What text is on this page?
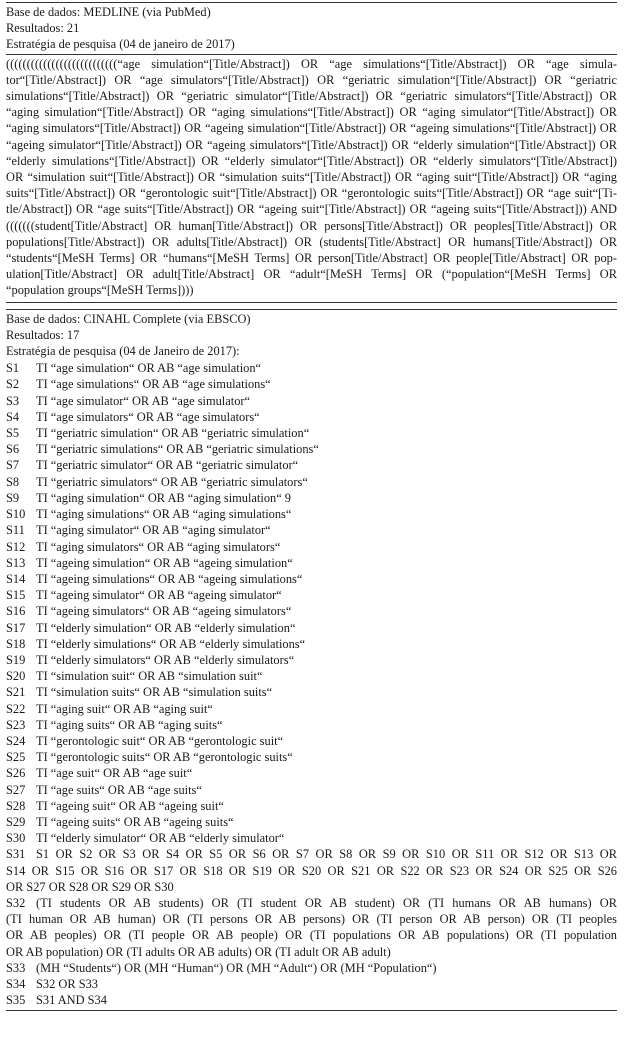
Base de dados: MEDLINE (via PubMed)

Resultados: 21

Estratégia de pesquisa (04 de janeiro de 2017)

(((((((((((((((((((((((((((“age simulation“[Title/Abstract]) OR “age simulations“[Title/Abstract]) OR “age simula-
tor“[Title/Abstract]) OR “age simulators“[Title/Abstract]) OR “geriatric simulation“[Title/Abstract]) OR “geriatric
simulations“[Title/Abstract]) OR “geriatric simulator“[Title/Abstract]) OR “geriatric simulators“[Title/Abstract]) OR
“aging simulation“[Title/Abstract]) OR “aging simulations“[Title/Abstract]) OR “aging simulator“[Title/Abstract]) OR
“aging simulators“[Title/Abstract]) OR “ageing simulation“[Title/Abstract]) OR “ageing simulations“[Title/Abstract]) OR
“ageing simulator“[Title/Abstract]) OR “ageing simulators“[Title/Abstract]) OR “elderly simulation“[Title/Abstract]) OR
“elderly simulations“[Title/Abstract]) OR “elderly simulator“[Title/Abstract]) OR “elderly simulators“[Title/Abstract])
OR “simulation suit“[Title/Abstract]) OR “simulation suits“[Title/Abstract]) OR “aging suit“[Title/Abstract]) OR “aging
suits“[Title/Abstract]) OR “gerontologic suit“[Title/Abstract]) OR “gerontologic suits“[Title/Abstract]) OR “age suit“[Ti-
tle/Abstract]) OR “age suits“[Title/Abstract]) OR “ageing suit“[Title/Abstract]) OR “ageing suits“[Title/Abstract])) AND
(((((((student[Title/Abstract] OR human[Title/Abstract]) OR persons[Title/Abstract]) OR peoples[Title/Abstract]) OR
populations[Title/Abstract]) OR adults[Title/Abstract]) OR (students[Title/Abstract] OR humans[Title/Abstract]) OR
“students“[MeSH Terms] OR “humans“[MeSH Terms] OR person[Title/Abstract] OR people[Title/Abstract] OR pop-
ulation[Title/Abstract] OR adult[Title/Abstract] OR “adult“[MeSH Terms] OR (“population“[MeSH Terms] OR
“population groups“[MeSH Terms])))

Base de dados: CINAHL Complete (via EBSCO)

Resultados: 17

Estratégia de pesquisa (04 de Janeiro de 2017):

S1	TI “age simulation“ OR AB “age simulation“
S2	TI “age simulations“ OR AB “age simulations“
S3	TI “age simulator“ OR AB “age simulator“
S4	TI “age simulators“ OR AB “age simulators“
S5	TI “geriatric simulation“ OR AB “geriatric simulation“
S6	TI “geriatric simulations“ OR AB “geriatric simulations“
S7	TI “geriatric simulator“ OR AB “geriatric simulator“
S8	TI “geriatric simulators“ OR AB “geriatric simulators“
S9	TI “aging simulation“ OR AB “aging simulation“ 9
S10 TI “aging simulations“ OR AB “aging simulations“
S11 TI “aging simulator“ OR AB “aging simulator“
S12 TI “aging simulators“ OR AB “aging simulators“
S13 TI “ageing simulation“ OR AB “ageing simulation“
S14 TI “ageing simulations“ OR AB “ageing simulations“
S15 TI “ageing simulator“ OR AB “ageing simulator“
S16 TI “ageing simulators“ OR AB “ageing simulators“
S17 TI “elderly simulation“ OR AB “elderly simulation“
S18 TI “elderly simulations“ OR AB “elderly simulations“
S19 TI “elderly simulators“ OR AB “elderly simulators“
S20 TI “simulation suit“ OR AB “simulation suit“
S21 TI “simulation suits“ OR AB “simulation suits“
S22 TI “aging suit“ OR AB “aging suit“
S23 TI “aging suits“ OR AB “aging suits“
S24 TI “gerontologic suit“ OR AB “gerontologic suit“
S25 TI “gerontologic suits“ OR AB “gerontologic suits“
S26 TI “age suit“ OR AB “age suit“
S27 TI “age suits“ OR AB “age suits“
S28 TI “ageing suit“ OR AB “ageing suit“
S29 TI “ageing suits“ OR AB “ageing suits“
S30 TI “elderly simulator“ OR AB “elderly simulator“
S31 S1 OR S2 OR S3 OR S4 OR S5 OR S6 OR S7 OR S8 OR S9 OR S10 OR S11 OR S12 OR S13 OR
S14 OR S15 OR S16 OR S17 OR S18 OR S19 OR S20 OR S21 OR S22 OR S23 OR S24 OR S25 OR S26
OR S27 OR S28 OR S29 OR S30
S32 (TI students OR AB students) OR (TI student OR AB student) OR (TI humans OR AB humans) OR
(TI human OR AB human) OR (TI persons OR AB persons) OR (TI person OR AB person) OR (TI peoples
OR AB peoples) OR (TI people OR AB people) OR (TI populations OR AB populations) OR (TI population
OR AB population) OR (TI adults OR AB adults) OR (TI adult OR AB adult)
S33 (MH “Students“) OR (MH “Human“) OR (MH “Adult“) OR (MH “Population“)
S34 S32 OR S33
S35 S31 AND S34
